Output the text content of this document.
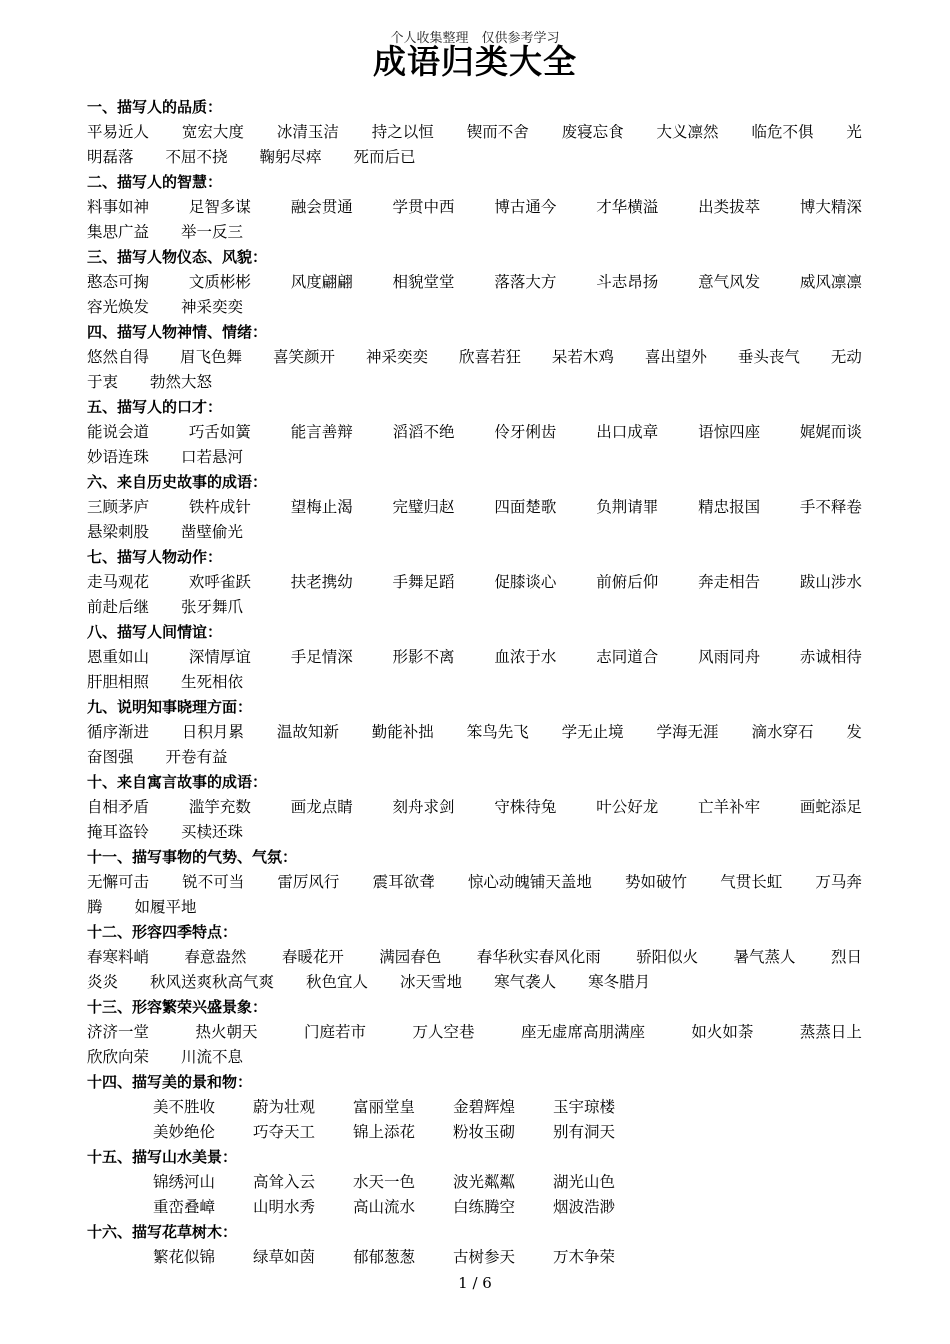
个人收集整理　仅供参考学习
成语归类大全
一、描写人的品质：
平易近人 宽宏大度 冰清玉洁 持之以恒 锲而不舍 废寝忘食 大义凛然 临危不俱 光
明磊落 不屈不挠 鞠躬尽瘁 死而后已
二、描写人的智慧：
料事如神	足智多谋	融会贯通	学贯中西	博古通今	才华横溢	出类拔萃	博大精深
集思广益 举一反三
三、描写人物仪态、风貌：
憨态可掬	文质彬彬	风度翩翩	相貌堂堂	落落大方	斗志昂扬	意气风发	威风凛凛
容光焕发 神采奕奕
四、描写人物神情、情绪：
悠然自得 眉飞色舞 喜笑颜开 神采奕奕 欣喜若狂 呆若木鸡 喜出望外 垂头丧气 无动
于衷 勃然大怒
五、描写人的口才：
能说会道	巧舌如簧	能言善辩	滔滔不绝	伶牙俐齿	出口成章	语惊四座	娓娓而谈
妙语连珠 口若悬河
六、来自历史故事的成语：
三顾茅庐	铁杵成针	望梅止渴	完璧归赵	四面楚歌	负荆请罪	精忠报国	手不释卷
悬梁刺股 凿壁偷光
七、描写人物动作：
走马观花	欢呼雀跃	扶老携幼	手舞足蹈	促膝谈心	前俯后仰	奔走相告	跋山涉水
前赴后继 张牙舞爪
八、描写人间情谊：
恩重如山	深情厚谊	手足情深	形影不离	血浓于水	志同道合	风雨同舟	赤诚相待
肝胆相照 生死相依
九、说明知事晓理方面：
循序渐进 日积月累 温故知新 勤能补拙 笨鸟先飞 学无止境 学海无涯 滴水穿石 发
奋图强 开卷有益
十、来自寓言故事的成语：
自相矛盾	滥竽充数	画龙点睛	刻舟求剑	守株待兔	叶公好龙	亡羊补牢	画蛇添足
掩耳盗铃 买椟还珠
十一、描写事物的气势、气氛：
无懈可击 锐不可当 雷厉风行 震耳欲聋 惊心动魄铺天盖地 势如破竹 气贯长虹 万马奔
腾 如履平地
十二、形容四季特点：
春寒料峭 春意盎然 春暖花开 满园春色 春华秋实春风化雨 骄阳似火 暑气蒸人 烈日
炎炎 秋风送爽秋高气爽 秋色宜人 冰天雪地 寒气袭人 寒冬腊月
十三、形容繁荣兴盛景象：
济济一堂	热火朝天	门庭若市	万人空巷	座无虚席高朋满座	如火如荼	蒸蒸日上
欣欣向荣 川流不息
十四、描写美的景和物：
美不胜收	蔚为壮观	富丽堂皇	金碧辉煌	玉宇琼楼
美妙绝伦	巧夺天工	锦上添花	粉妆玉砌	别有洞天
十五、描写山水美景：
锦绣河山	高耸入云	水天一色	波光粼粼	湖光山色
重峦叠嶂	山明水秀	高山流水	白练腾空	烟波浩渺
十六、描写花草树木：
繁花似锦	绿草如茵	郁郁葱葱	古树参天	万木争荣
1 / 6
